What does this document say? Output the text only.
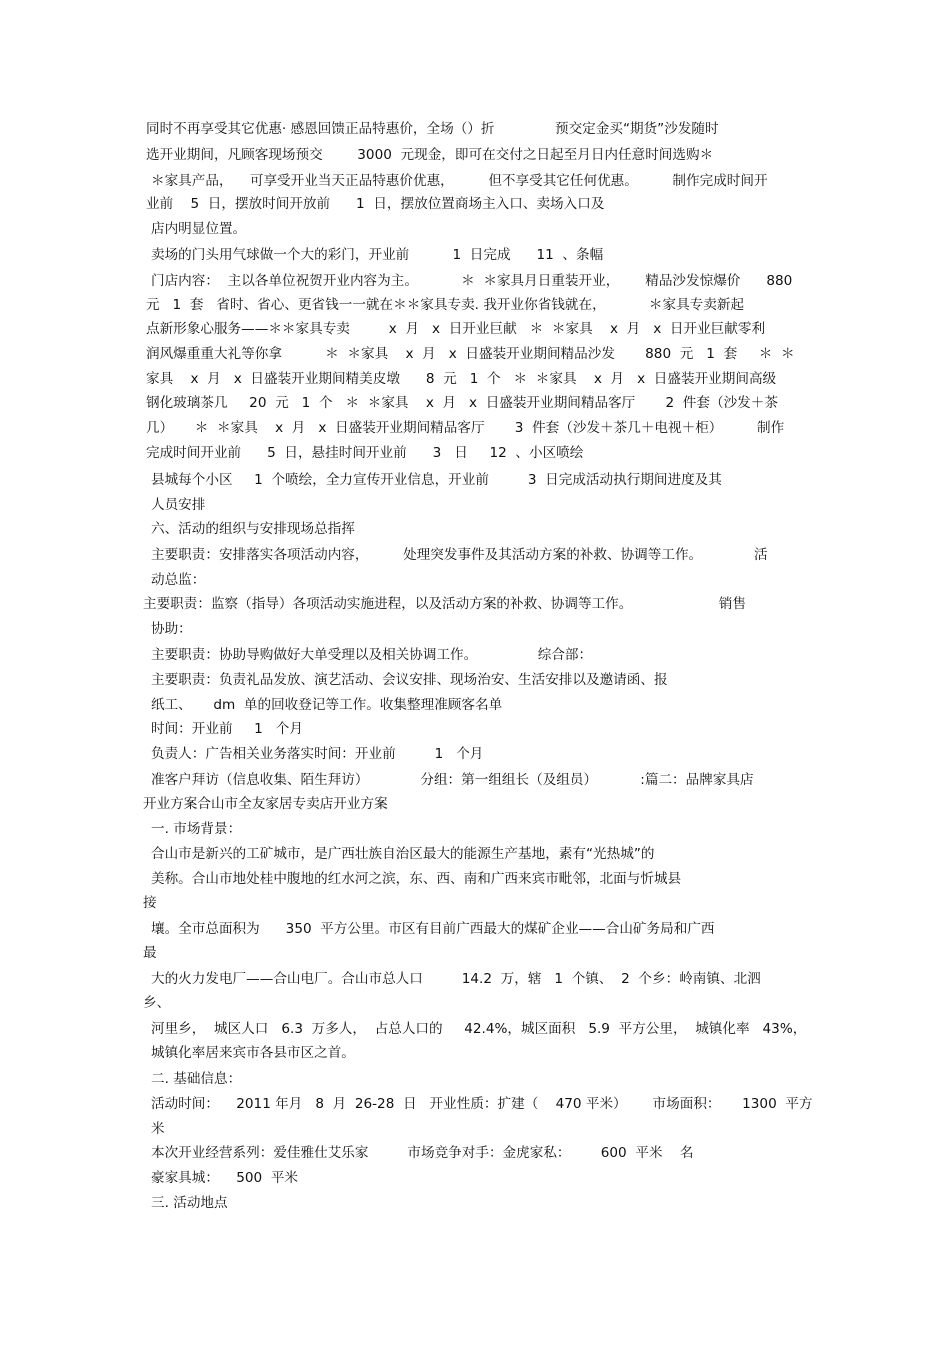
同时不再享受其它优惠· 感恩回馈正品特惠价，全场（）折              预交定金买“期货”沙发随时
选开业期间，凡顾客现场预交        3000  元现金，即可在交付之日起至月日内任意时间选购＊
＊家具产品，    可享受开业当天正品特惠价优惠，        但不享受其它任何优惠。        制作完成时间开
业前    5  日，摆放时间开放前      1  日，摆放位置商场主入口、卖场入口及
店内明显位置。
卖场的门头用气球做一个大的彩门，开业前          1  日完成      11  、条幅
门店内容：  主以各单位祝贺开业内容为主。          ＊  ＊家具月日重装开业，      精品沙发惊爆价      880
元   1  套   省时、省心、更省钱一一就在＊＊家具专卖. 我开业你省钱就在，          ＊家具专卖新起
点新形象心服务——＊＊家具专卖         x  月   x  日开业巨献   ＊  ＊家具    x  月   x  日开业巨献零利
润风爆重重大礼等你拿          ＊  ＊家具    x  月   x  日盛装开业期间精品沙发       880  元   1  套     ＊  ＊
家具    x  月   x  日盛装开业期间精美皮墩      8  元   1  个   ＊  ＊家具    x  月   x  日盛装开业期间高级
钢化玻璃茶几     20  元   1  个   ＊  ＊家具    x  月   x  日盛装开业期间精品客厅       2  件套（沙发＋茶
几）     ＊  ＊家具    x  月   x  日盛装开业期间精品客厅       3  件套（沙发＋茶几＋电视＋柜）        制作
完成时间开业前      5  日，悬挂时间开业前      3   日     12  、小区喷绘
县城每个小区     1  个喷绘，全力宣传开业信息，开业前         3  日完成活动执行期间进度及其
人员安排
六、活动的组织与安排现场总指挥
主要职责：安排落实各项活动内容，        处理突发事件及其活动方案的补救、协调等工作。            活
动总监：
主要职责：监察（指导）各项活动实施进程，以及活动方案的补救、协调等工作。                    销售
协助：
主要职责：协助导购做好大单受理以及相关协调工作。              综合部：
主要职责：负责礼品发放、演艺活动、会议安排、现场治安、生活安排以及邀请函、报
纸工、     dm  单的回收登记等工作。收集整理准顾客名单
时间：开业前     1   个月
负责人：广告相关业务落实时间：开业前         1   个月
准客户拜访（信息收集、陌生拜访）            分组：第一组组长（及组员）          :篇二：品牌家具店
开业方案合山市全友家居专卖店开业方案
一. 市场背景：
合山市是新兴的工矿城市，是广西壮族自治区最大的能源生产基地，素有“光热城”的
美称。合山市地处桂中腹地的红水河之滨，东、西、南和广西来宾市毗邻，北面与忻城县
接
壤。全市总面积为      350  平方公里。市区有目前广西最大的煤矿企业——合山矿务局和广西
最
大的火力发电厂——合山电厂。合山市总人口         14.2  万，辖   1  个镇、  2  个乡：岭南镇、北泗
乡、
河里乡，  城区人口   6.3  万多人，  占总人口的     42.4%，城区面积   5.9  平方公里，  城镇化率   43%，
城镇化率居来宾市各县市区之首。
二. 基础信息：
活动时间：    2011 年月   8  月  26-28  日   开业性质：扩建（    470 平米）      市场面积：     1300  平方
米
本次开业经营系列：爱佳雅仕艾乐家         市场竞争对手：金虎家私：       600  平米    名
豪家具城：    500  平米
三. 活动地点
